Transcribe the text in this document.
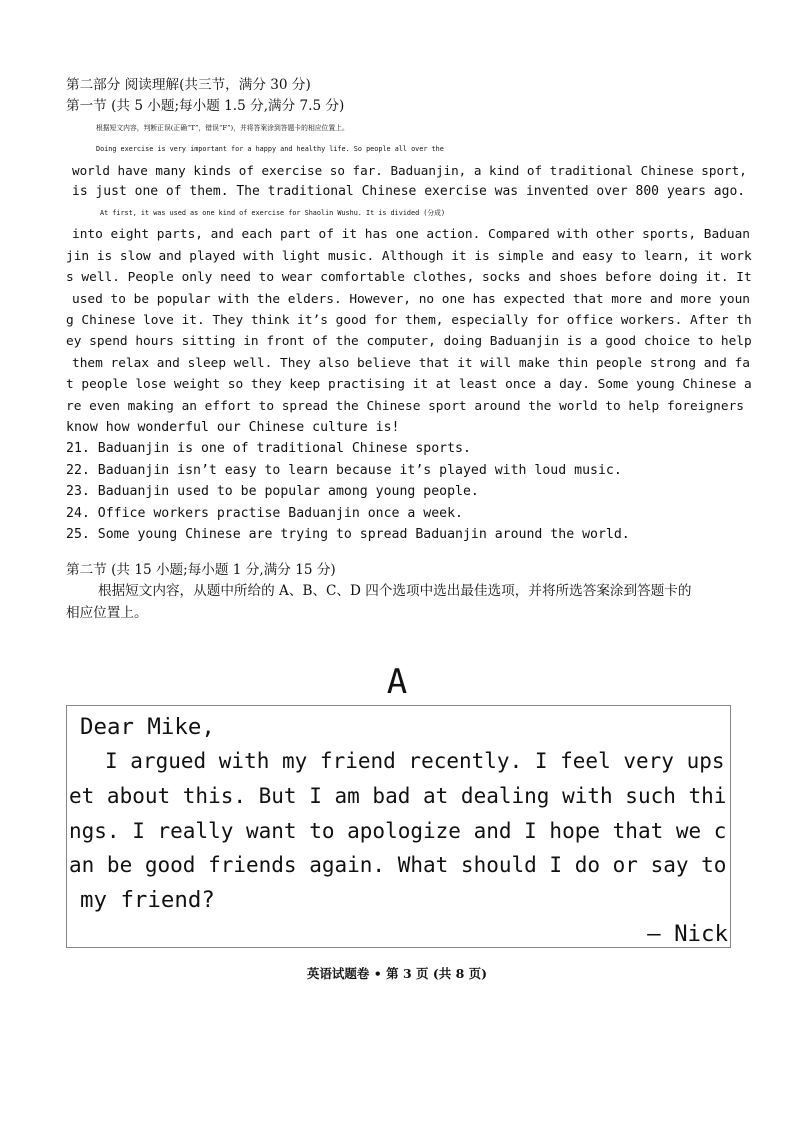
第二部分 阅读理解(共三节，满分 30 分)
第一节 (共 5 小题;每小题 1.5 分,满分 7.5 分)
根据短文内容，判断正误(正确“T”，错误“F”)，并将答案涂到答题卡的相应位置上。
Doing exercise is very important for a happy and healthy life. So people all over the
world have many kinds of exercise so far. Baduanjin, a kind of traditional Chinese sport,
is just one of them. The traditional Chinese exercise was invented over 800 years ago.
At first, it was used as one kind of exercise for Shaolin Wushu. It is divided (分成)
into eight parts, and each part of it has one action. Compared with other sports, Baduan
jin is slow and played with light music. Although it is simple and easy to learn, it work
s well. People only need to wear comfortable clothes, socks and shoes before doing it. It
used to be popular with the elders. However, no one has expected that more and more youn
g Chinese love it. They think it’s good for them, especially for office workers. After th
ey spend hours sitting in front of the computer, doing Baduanjin is a good choice to help
them relax and sleep well. They also believe that it will make thin people strong and fa
t people lose weight so they keep practising it at least once a day. Some young Chinese a
re even making an effort to spread the Chinese sport around the world to help foreigners
know how wonderful our Chinese culture is!
21. Baduanjin is one of traditional Chinese sports.
22. Baduanjin isn’t easy to learn because it’s played with loud music.
23. Baduanjin used to be popular among young people.
24. Office workers practise Baduanjin once a week.
25. Some young Chinese are trying to spread Baduanjin around the world.
第二节 (共 15 小题;每小题 1 分,满分 15 分)
根据短文内容，从题中所给的 A、B、C、D 四个选项中选出最佳选项，并将所选答案涂到答题卡的
相应位置上。
A
Dear Mike,
I argued with my friend recently. I feel very ups
et about this. But I am bad at dealing with such thi
ngs. I really want to apologize and I hope that we c
an be good friends again. What should I do or say to
my friend?
— Nick
英语试题卷 • 第 3 页 (共 8 页)
